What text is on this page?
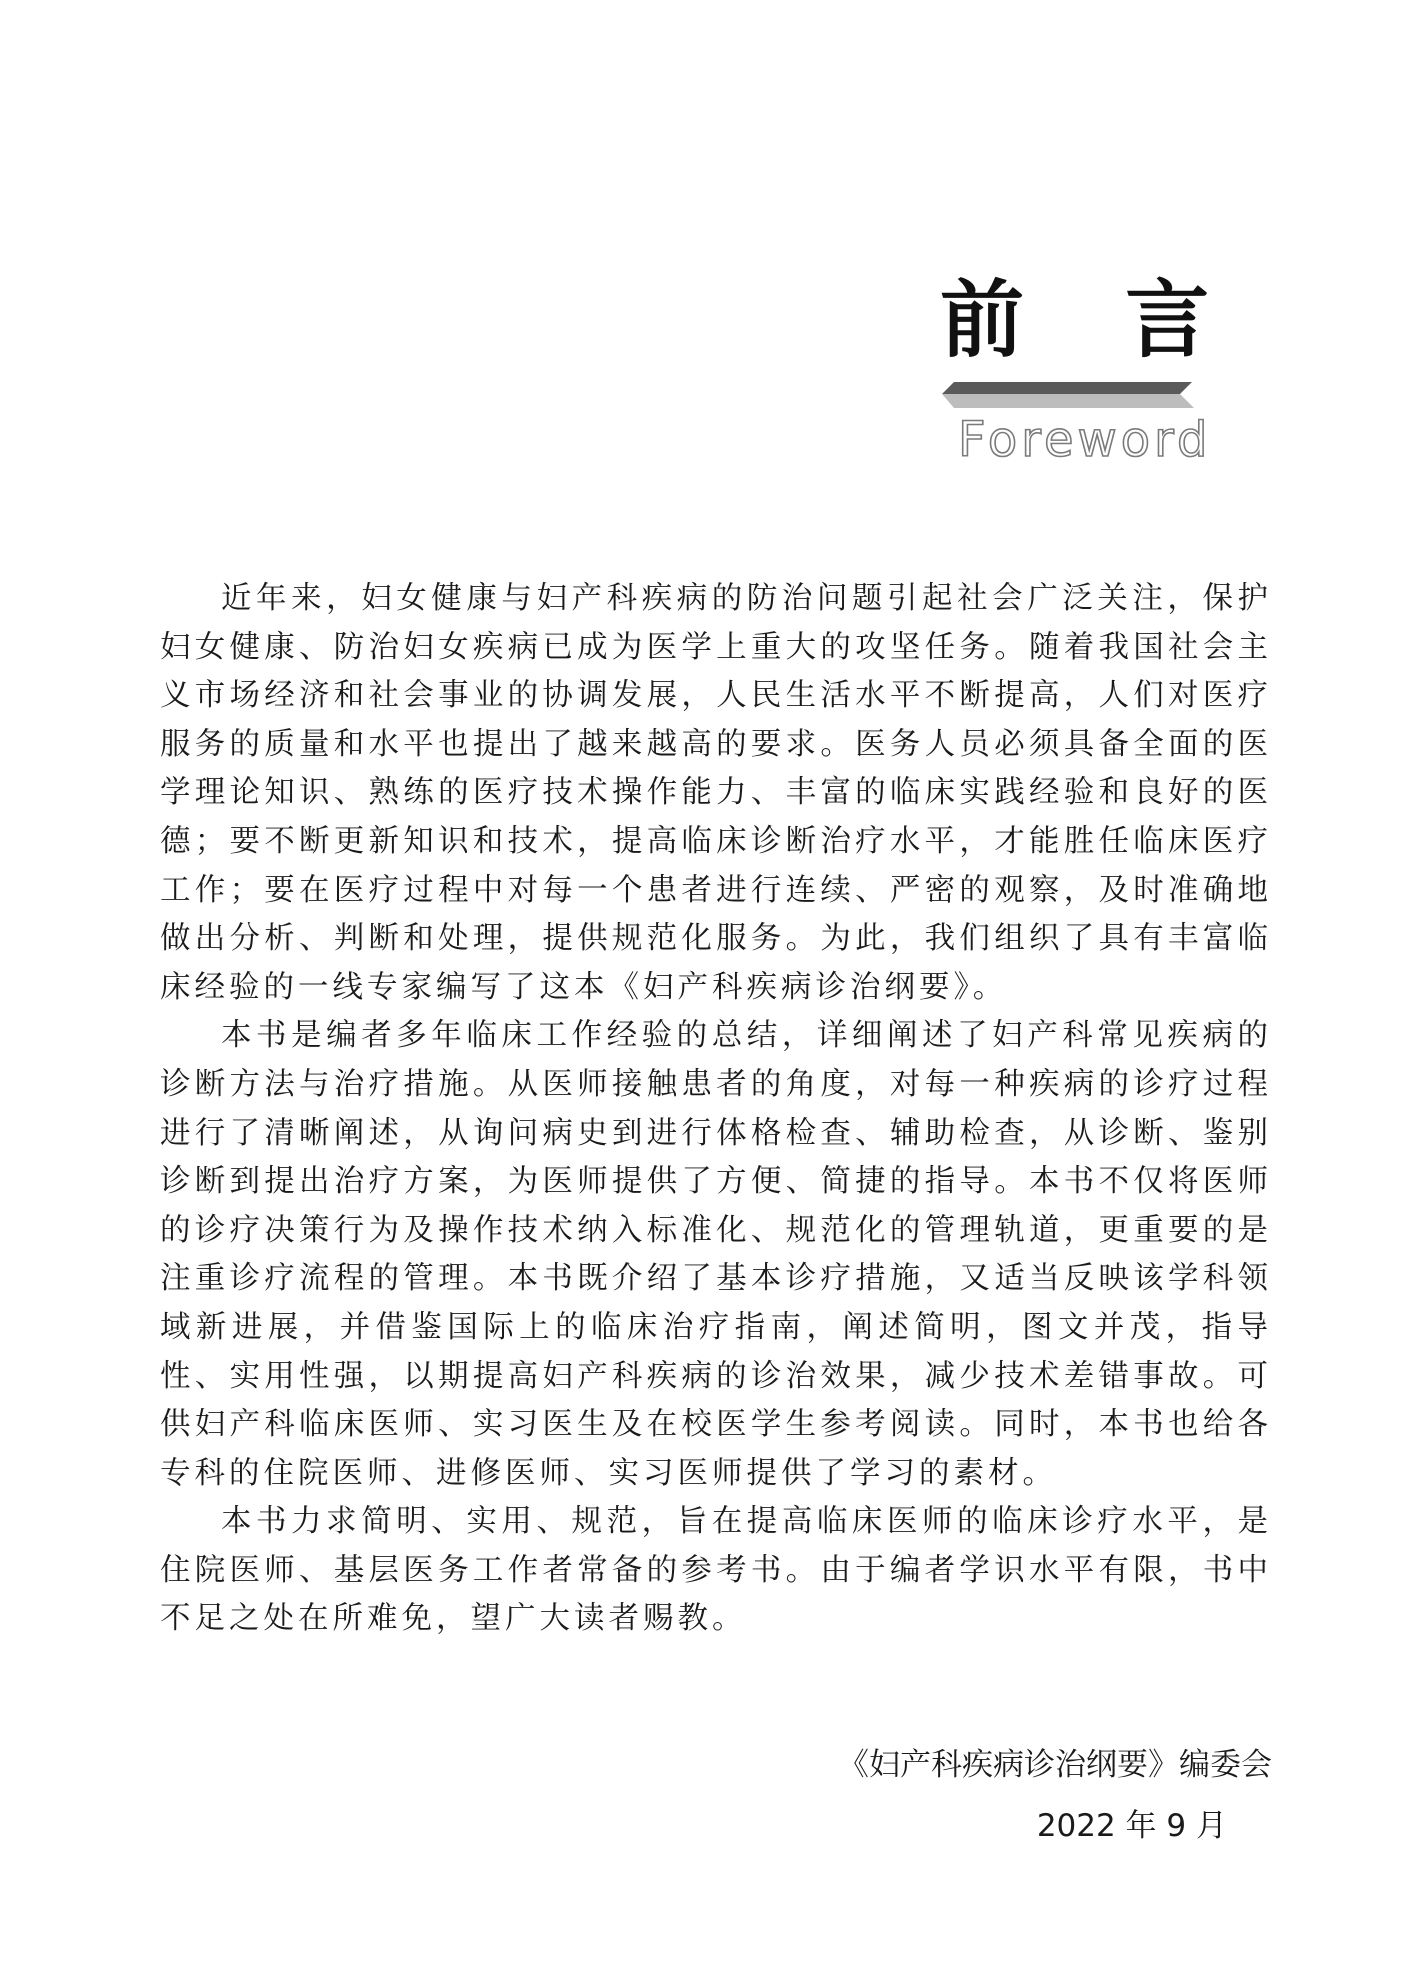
前 言
Foreword

近年来，妇女健康与妇产科疾病的防治问题引起社会广泛关注，保护妇女健康、防治妇女疾病已成为医学上重大的攻坚任务。随着我国社会主义市场经济和社会事业的协调发展，人民生活水平不断提高，人们对医疗服务的质量和水平也提出了越来越高的要求。医务人员必须具备全面的医学理论知识、熟练的医疗技术操作能力、丰富的临床实践经验和良好的医德；要不断更新知识和技术，提高临床诊断治疗水平，才能胜任临床医疗工作；要在医疗过程中对每一个患者进行连续、严密的观察，及时准确地做出分析、判断和处理，提供规范化服务。为此，我们组织了具有丰富临床经验的一线专家编写了这本《妇产科疾病诊治纲要》。

本书是编者多年临床工作经验的总结，详细阐述了妇产科常见疾病的诊断方法与治疗措施。从医师接触患者的角度，对每一种疾病的诊疗过程进行了清晰阐述，从询问病史到进行体格检查、辅助检查，从诊断、鉴别诊断到提出治疗方案，为医师提供了方便、简捷的指导。本书不仅将医师的诊疗决策行为及操作技术纳入标准化、规范化的管理轨道，更重要的是注重诊疗流程的管理。本书既介绍了基本诊疗措施，又适当反映该学科领域新进展，并借鉴国际上的临床治疗指南，阐述简明，图文并茂，指导性、实用性强，以期提高妇产科疾病的诊治效果，减少技术差错事故。可供妇产科临床医师、实习医生及在校医学生参考阅读。同时，本书也给各专科的住院医师、进修医师、实习医师提供了学习的素材。

本书力求简明、实用、规范，旨在提高临床医师的临床诊疗水平，是住院医师、基层医务工作者常备的参考书。由于编者学识水平有限，书中不足之处在所难免，望广大读者赐教。

《妇产科疾病诊治纲要》编委会
2022 年 9 月
